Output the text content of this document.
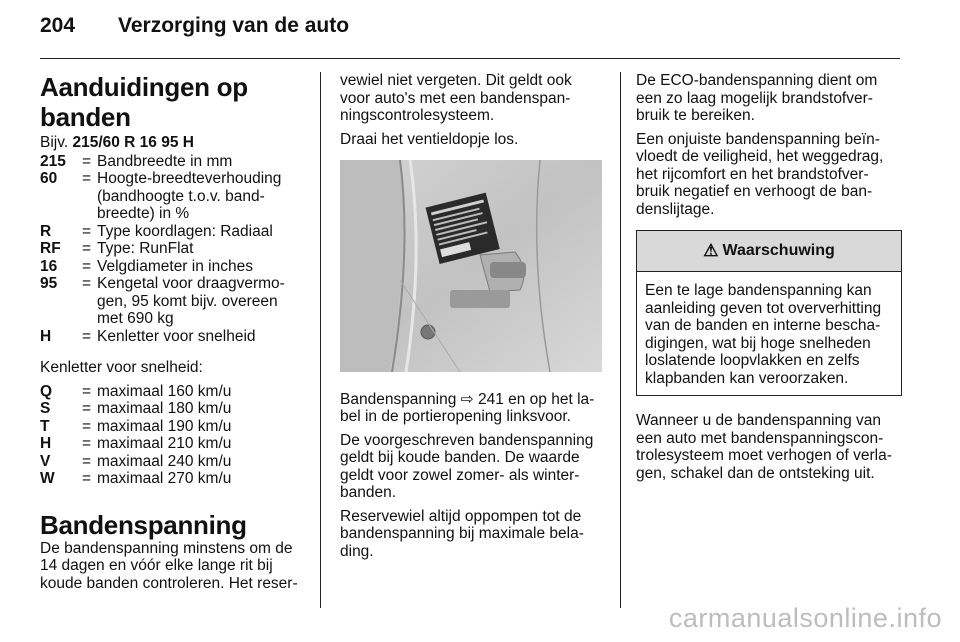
204 Verzorging van de auto
Aanduidingen op banden
Bijv. 215/60 R 16 95 H
215	= Bandbreedte in mm
60	= Hoogte-breedteverhouding (bandhoogte t.o.v. band-breedte) in %
R	= Type koordlagen: Radiaal
RF	= Type: RunFlat
16	= Velgdiameter in inches
95	= Kengetal voor draagvermo-gen, 95 komt bijv. overeen met 690 kg
H	= Kenletter voor snelheid

Kenletter voor snelheid:

Q	= maximaal 160 km/u
S	= maximaal 180 km/u
T	= maximaal 190 km/u
H	= maximaal 210 km/u
V	= maximaal 240 km/u
W	= maximaal 270 km/u
Bandenspanning

De bandenspanning minstens om de 14 dagen en vóór elke lange rit bij koude banden controleren. Het reser-

vewiel niet vergeten. Dit geldt ook voor auto's met een bandenspan-ningscontrolesysteem.

Draai het ventieldopje los.

Bandenspanning ⇨ 241 en op het la-bel in de portieropening linksvoor.

De voorgeschreven bandenspanning geldt bij koude banden. De waarde geldt voor zowel zomer- als winter-banden.

Reservewiel altijd oppompen tot de bandenspanning bij maximale bela-ding.

De ECO-bandenspanning dient om een zo laag mogelijk brandstofver-bruik te bereiken.

Een onjuiste bandenspanning beïn-vloedt de veiligheid, het weggedrag, het rijcomfort en het brandstofver-bruik negatief en verhoogt de ban-denslijtage.

⚠ Waarschuwing
Een te lage bandenspanning kan aanleiding geven tot oververhitting van de banden en interne bescha-digingen, wat bij hoge snelheden loslatende loopvlakken en zelfs klapbanden kan veroorzaken.

Wanneer u de bandenspanning van een auto met bandenspanningscon-trolesysteem moet verhogen of verla-gen, schakel dan de ontsteking uit.

carmanualsonline.info
